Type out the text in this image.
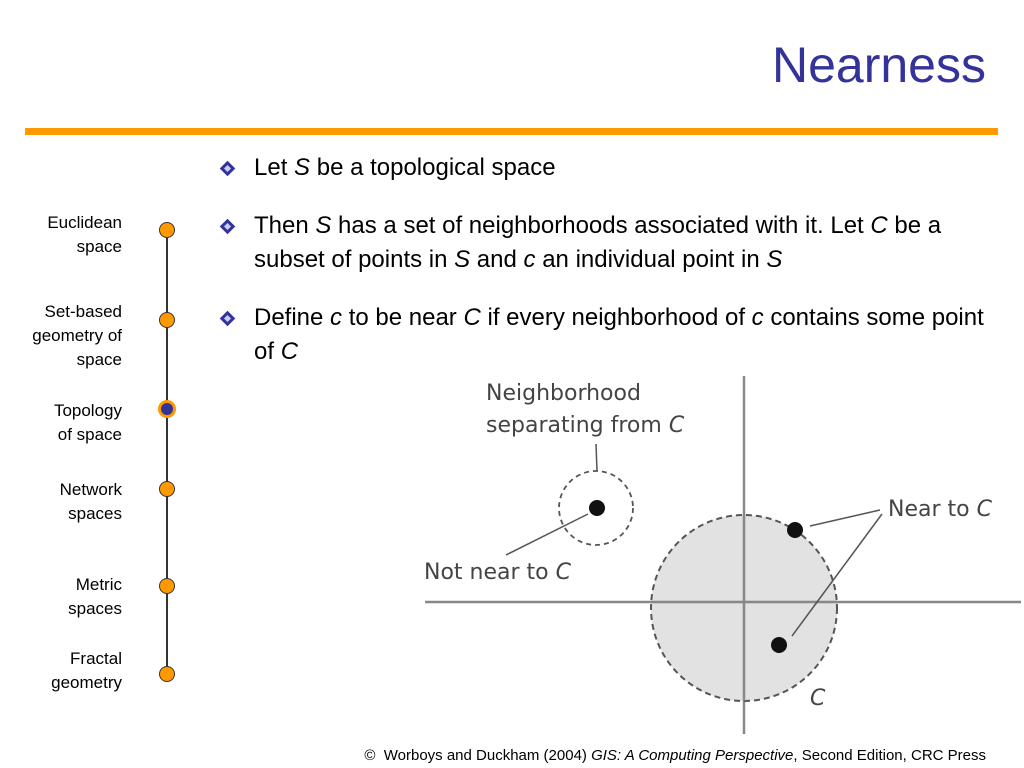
Nearness
Euclidean
space
Set-based
geometry of
space
Topology
of space
Network
spaces
Metric
spaces
Fractal
geometry
Let S be a topological space
Then S has a set of neighborhoods associated with it. Let C be a subset of points in S and c an individual point in S
Define c to be near C if every neighborhood of c contains some point of C
Neighborhood
separating from C
Not near to C
Near to C
C
©  Worboys and Duckham (2004) GIS: A Computing Perspective, Second Edition, CRC Press
